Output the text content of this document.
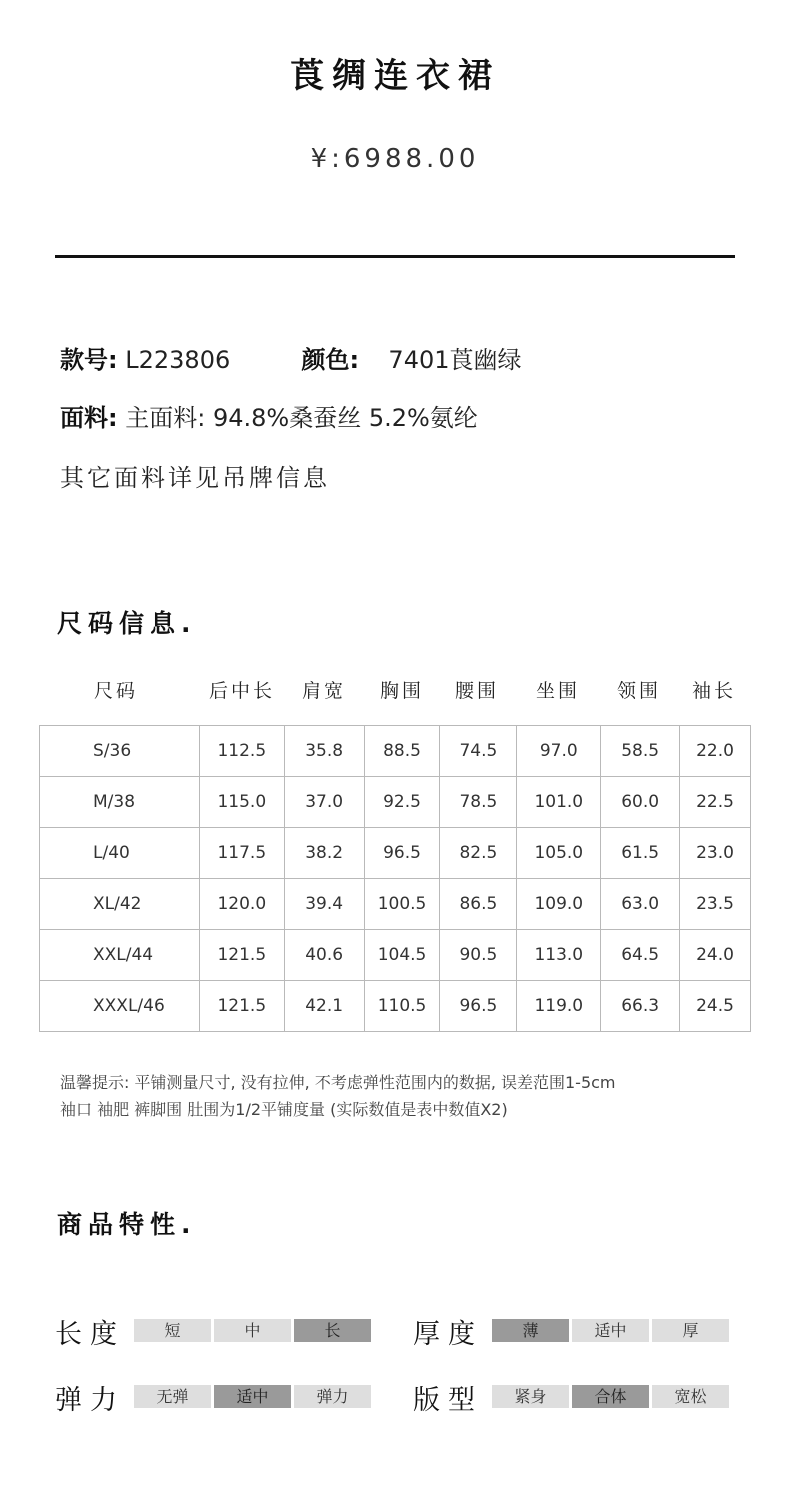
莨绸连衣裙
¥:6988.00
款号: L223806	颜色: 7401莨幽绿
面料: 主面料: 94.8%桑蚕丝 5.2%氨纶
其它面料详见吊牌信息
尺码信息.
尺码	后中长 肩宽 胸围 腰围 坐围 领围 袖长
S/36	112.5	35.8	88.5	74.5	97.0	58.5	22.0
M/38	115.0	37.0	92.5	78.5	101.0	60.0	22.5
L/40	117.5	38.2	96.5	82.5	105.0	61.5	23.0
XL/42	120.0	39.4	100.5	86.5	109.0	63.0	23.5
XXL/44	121.5	40.6	104.5	90.5	113.0	64.5	24.0
XXXL/46	121.5	42.1	110.5	96.5	119.0	66.3	24.5
温馨提示: 平铺测量尺寸, 没有拉伸, 不考虑弹性范围内的数据, 误差范围1-5cm
袖口 袖肥 裤脚围 肚围为1/2平铺度量 (实际数值是表中数值X2)
商品特性.
长度	短	中	长	厚度	薄	适中	厚
弹力	无弹	适中	弹力	版型	紧身	合体	宽松
